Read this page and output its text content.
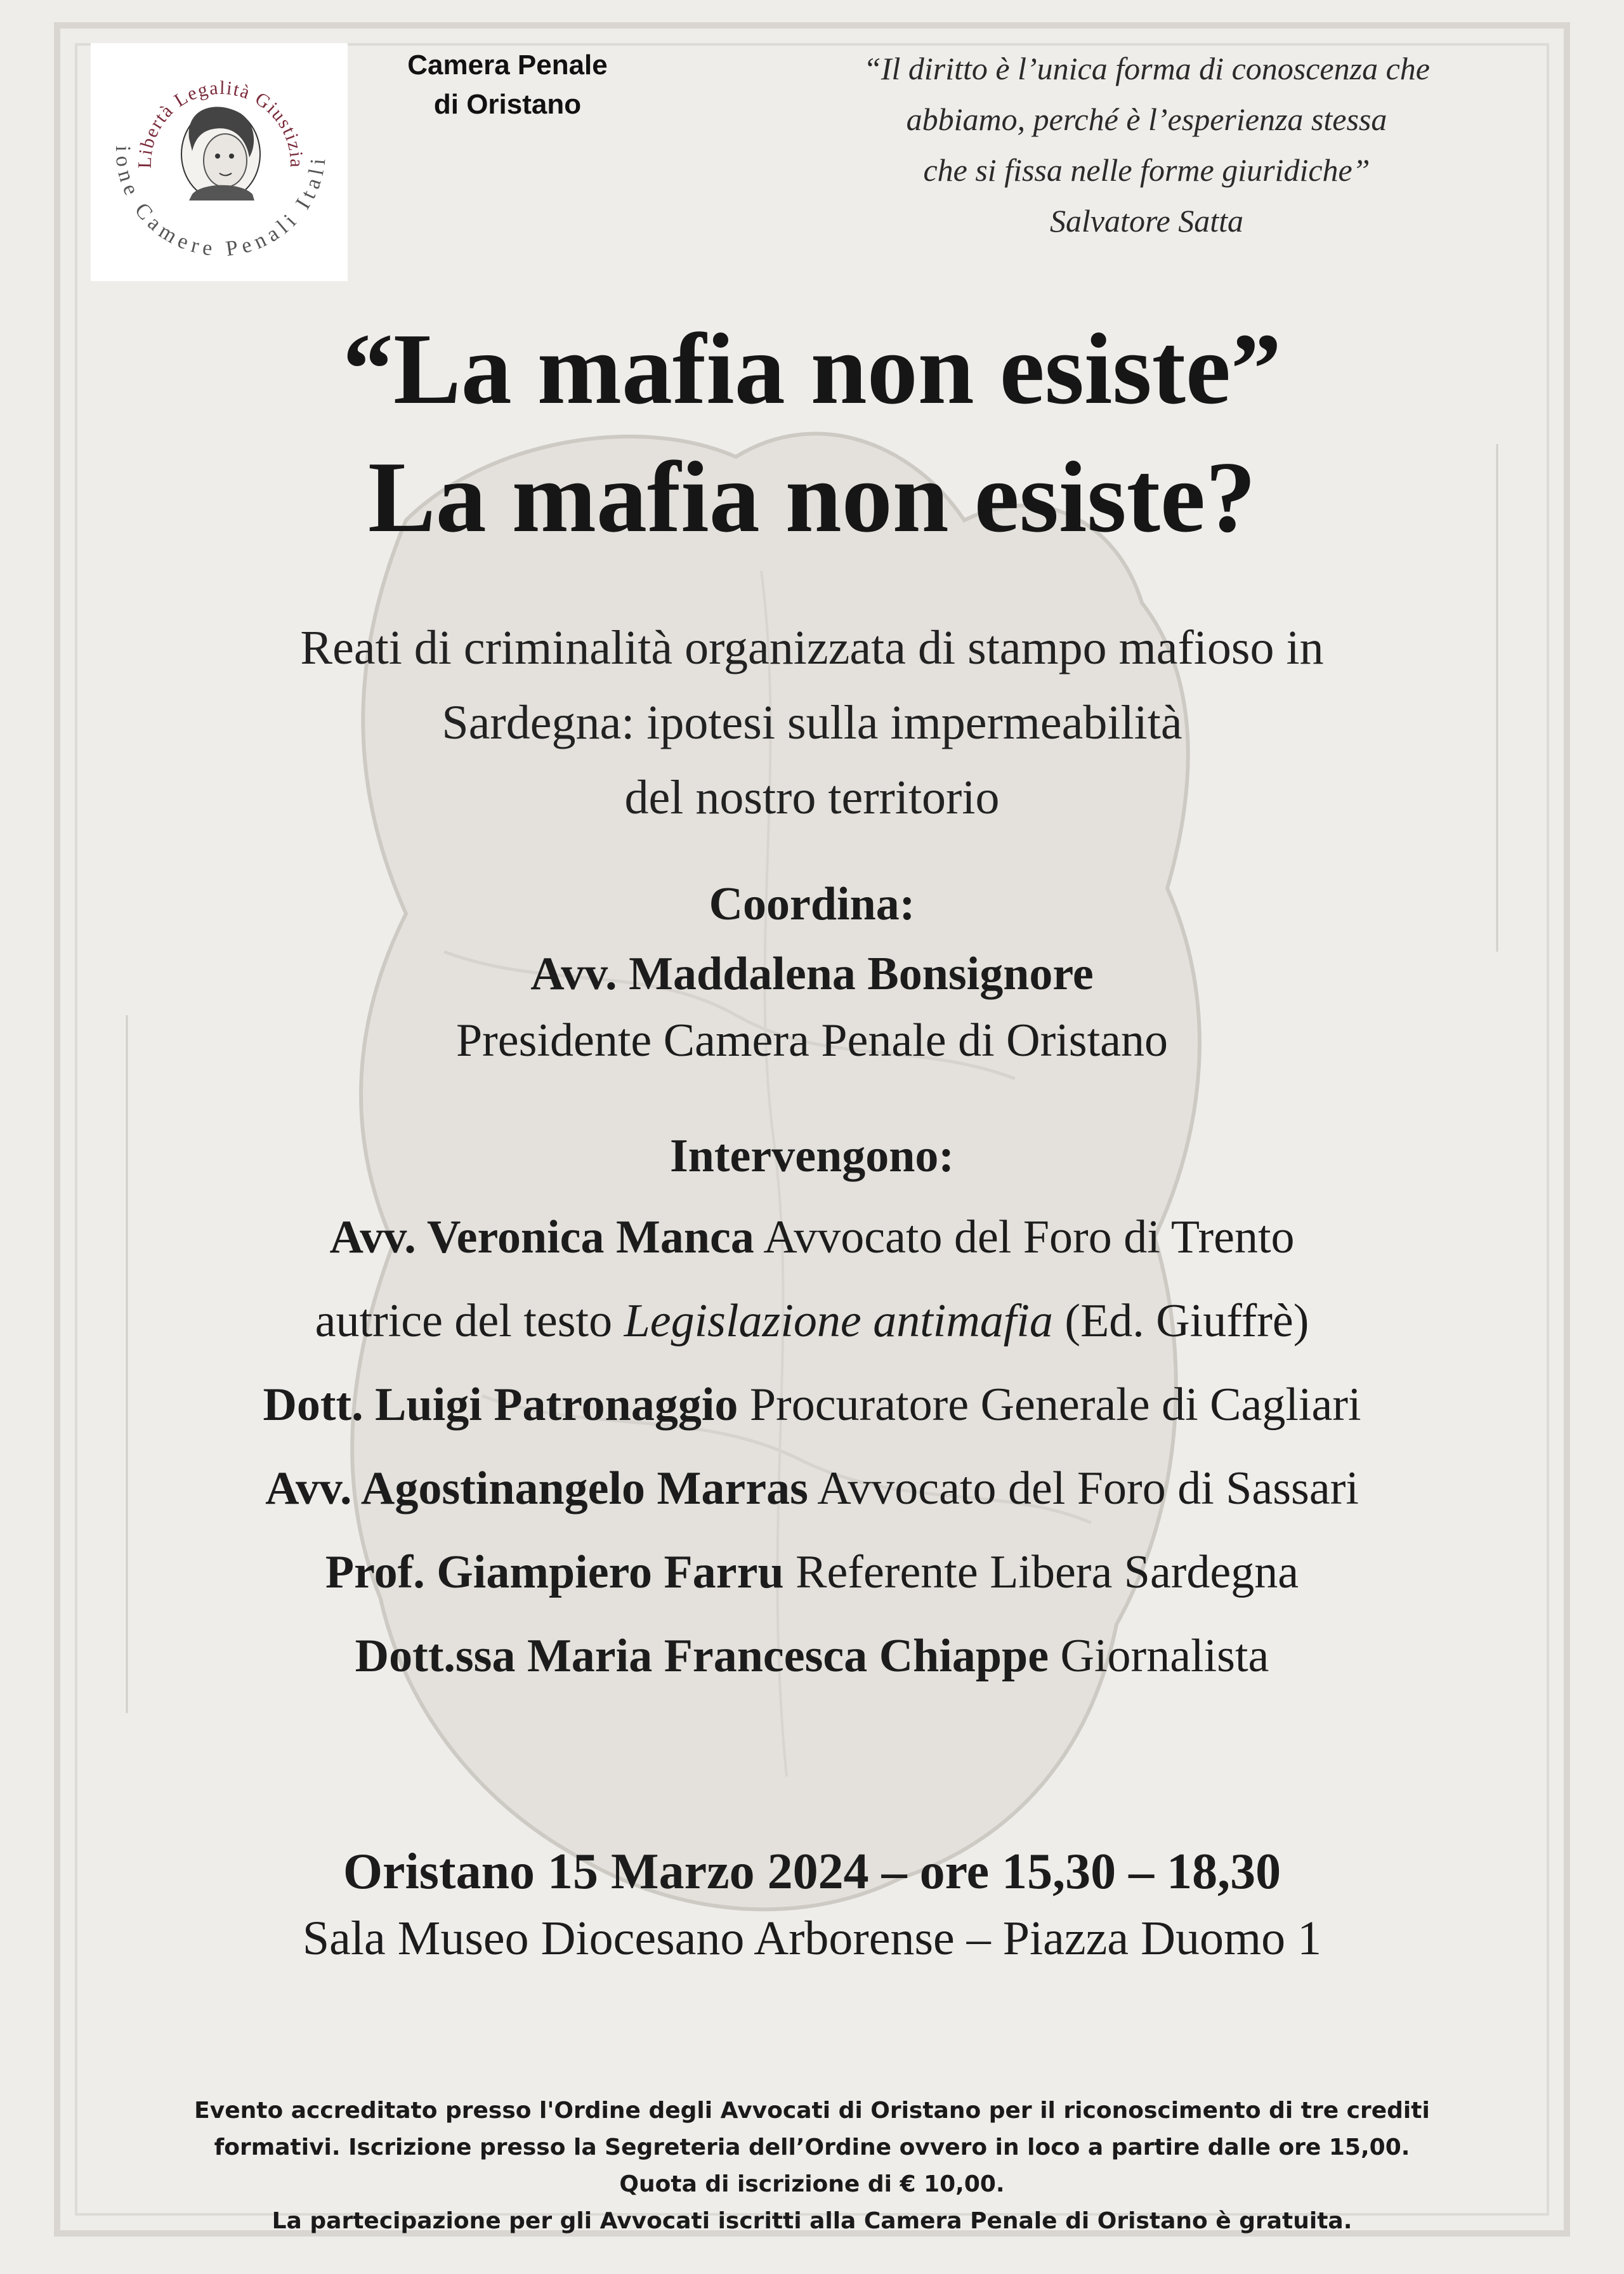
Libertà Legalità Giustizia
ione Camere Penali Itali
Camera Penale
di Oristano
“Il diritto è l’unica forma di conoscenza che
abbiamo, perché è l’esperienza stessa
che si fissa nelle forme giuridiche”
Salvatore Satta
“La mafia non esiste”
La mafia non esiste?
Reati di criminalità organizzata di stampo mafioso in
Sardegna: ipotesi sulla impermeabilità
del nostro territorio
Coordina:
Avv. Maddalena Bonsignore
Presidente Camera Penale di Oristano
Intervengono:
Avv. Veronica Manca Avvocato del Foro di Trento
autrice del testo Legislazione antimafia (Ed. Giuffrè)
Dott. Luigi Patronaggio Procuratore Generale di Cagliari
Avv. Agostinangelo Marras Avvocato del Foro di Sassari
Prof. Giampiero Farru Referente Libera Sardegna
Dott.ssa Maria Francesca Chiappe Giornalista
Oristano 15 Marzo 2024 – ore 15,30 – 18,30
Sala Museo Diocesano Arborense – Piazza Duomo 1
Evento accreditato presso l'Ordine degli Avvocati di Oristano per il riconoscimento di tre crediti
formativi. Iscrizione presso la Segreteria dell’Ordine ovvero in loco a partire dalle ore 15,00.
Quota di iscrizione di € 10,00.
La partecipazione per gli Avvocati iscritti alla Camera Penale di Oristano è gratuita.
